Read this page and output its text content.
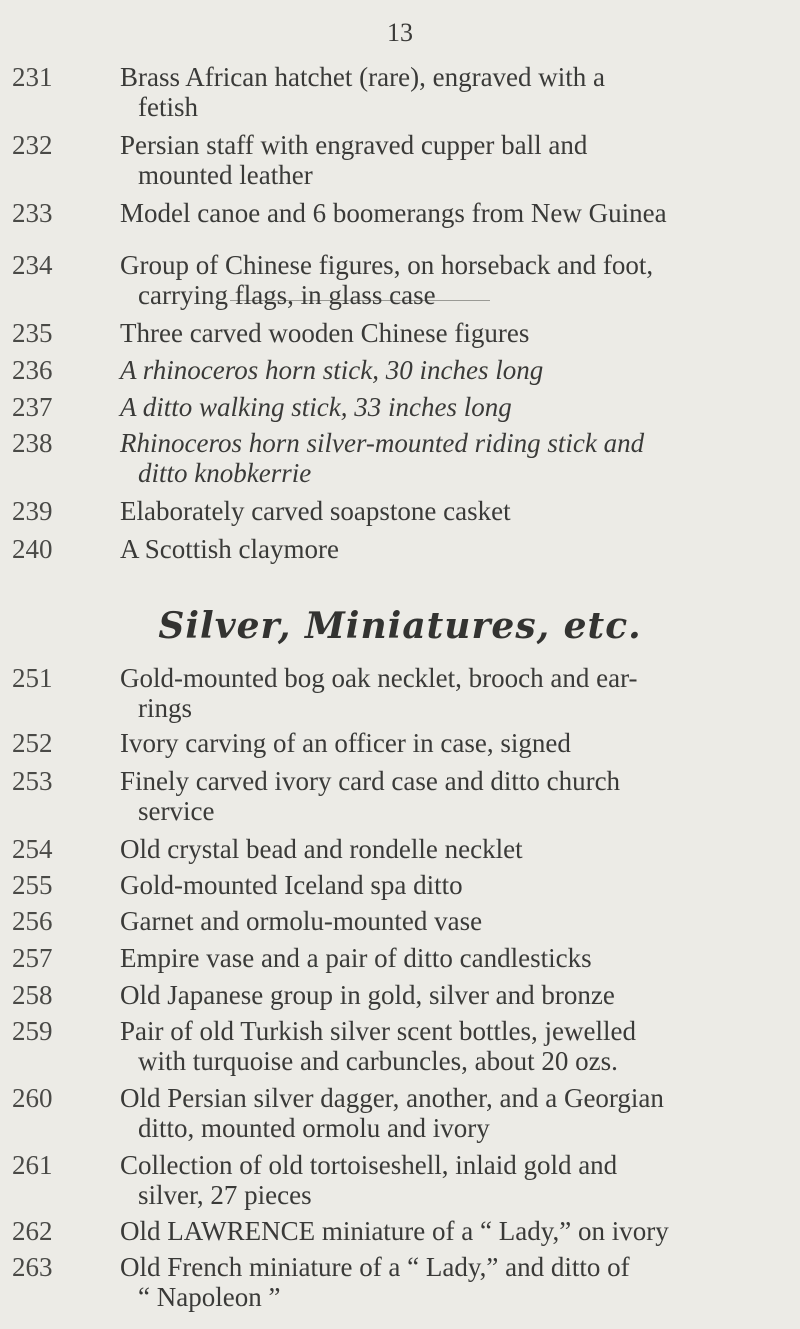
13
231	Brass African hatchet (rare), engraved with a
fetish
232	Persian staff with engraved cupper ball and
mounted leather
233	Model canoe and 6 boomerangs from New Guinea
234	Group of Chinese figures, on horseback and foot,
carrying flags, in glass case
235	Three carved wooden Chinese figures
236	A rhinoceros horn stick, 30 inches long
237	A ditto walking stick, 33 inches long
238	Rhinoceros horn silver-mounted riding stick and
ditto knobkerrie
239	Elaborately carved soapstone casket
240	A Scottish claymore
Silver, Miniatures, etc.
251	Gold-mounted bog oak necklet, brooch and ear-
rings
252	Ivory carving of an officer in case, signed
253	Finely carved ivory card case and ditto church
service
254	Old crystal bead and rondelle necklet
255	Gold-mounted Iceland spa ditto
256	Garnet and ormolu-mounted vase
257	Empire vase and a pair of ditto candlesticks
258	Old Japanese group in gold, silver and bronze
259	Pair of old Turkish silver scent bottles, jewelled
with turquoise and carbuncles, about 20 ozs.
260	Old Persian silver dagger, another, and a Georgian
ditto, mounted ormolu and ivory
261	Collection of old tortoiseshell, inlaid gold and
silver, 27 pieces
262	Old LAWRENCE miniature of a “ Lady,” on ivory
263	Old French miniature of a “ Lady,” and ditto of
“ Napoleon ”
